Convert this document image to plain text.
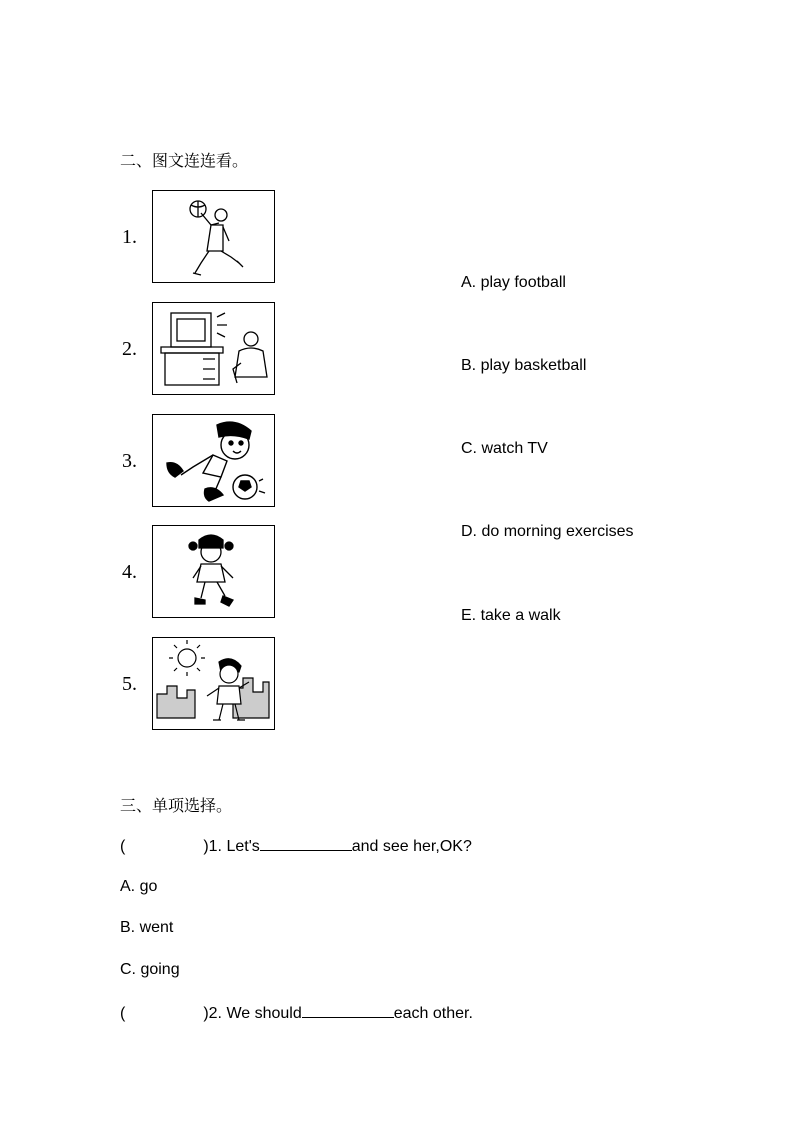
二、图文连连看。
1.
2.
3.
4.
5.
A. play football
B. play basketball
C. watch TV
D. do morning exercises
E. take a walk
三、单项选择。
(	)1. Let's	and see her,OK?
A. go
B. went
C. going
(	)2. We should	each other.
